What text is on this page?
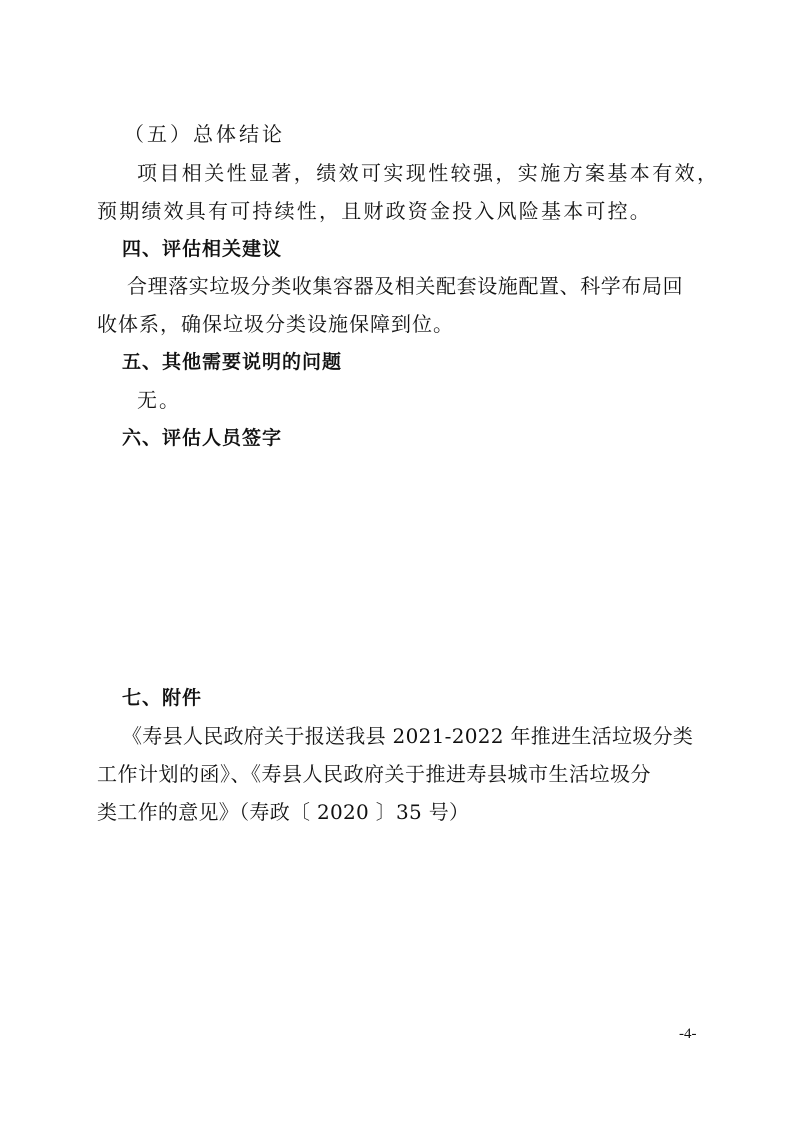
（五）总体结论
项目相关性显著，绩效可实现性较强，实施方案基本有效，
预期绩效具有可持续性，且财政资金投入风险基本可控。
四、评估相关建议
合理落实垃圾分类收集容器及相关配套设施配置、科学布局回
收体系，确保垃圾分类设施保障到位。
五、其他需要说明的问题
无。
六、评估人员签字
七、附件
《寿县人民政府关于报送我县 2021-2022 年推进生活垃圾分类
工作计划的函》、《寿县人民政府关于推进寿县城市生活垃圾分
类工作的意见》（寿政〔 2020 〕35 号）
-4-
